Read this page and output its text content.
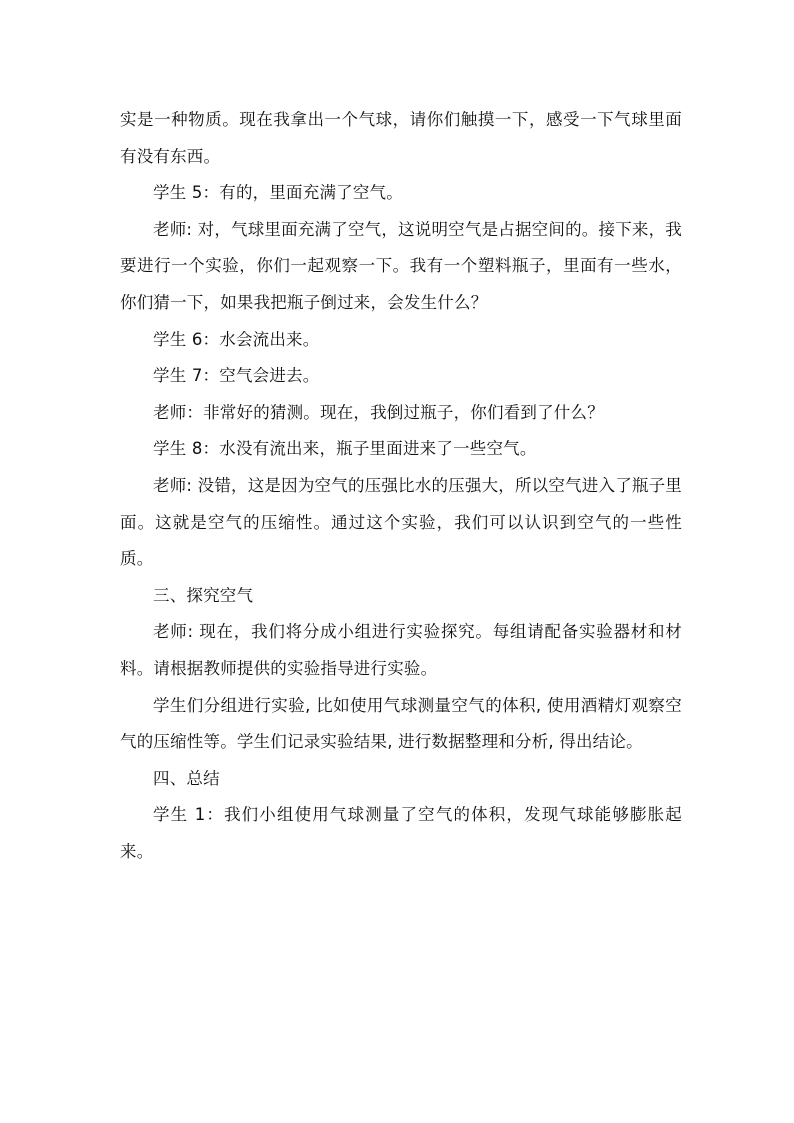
实是一种物质。现在我拿出一个气球，请你们触摸一下，感受一下气球里面有没有东西。

学生 5：有的，里面充满了空气。

老师: 对，气球里面充满了空气，这说明空气是占据空间的。接下来，我要进行一个实验，你们一起观察一下。我有一个塑料瓶子，里面有一些水，你们猜一下，如果我把瓶子倒过来，会发生什么？

学生 6：水会流出来。

学生 7：空气会进去。

老师：非常好的猜测。现在，我倒过瓶子，你们看到了什么？

学生 8：水没有流出来，瓶子里面进来了一些空气。

老师: 没错，这是因为空气的压强比水的压强大，所以空气进入了瓶子里面。这就是空气的压缩性。通过这个实验，我们可以认识到空气的一些性质。

三、探究空气

老师: 现在，我们将分成小组进行实验探究。每组请配备实验器材和材料。请根据教师提供的实验指导进行实验。

学生们分组进行实验, 比如使用气球测量空气的体积, 使用酒精灯观察空气的压缩性等。学生们记录实验结果, 进行数据整理和分析, 得出结论。

四、总结

学生 1：我们小组使用气球测量了空气的体积，发现气球能够膨胀起来。
